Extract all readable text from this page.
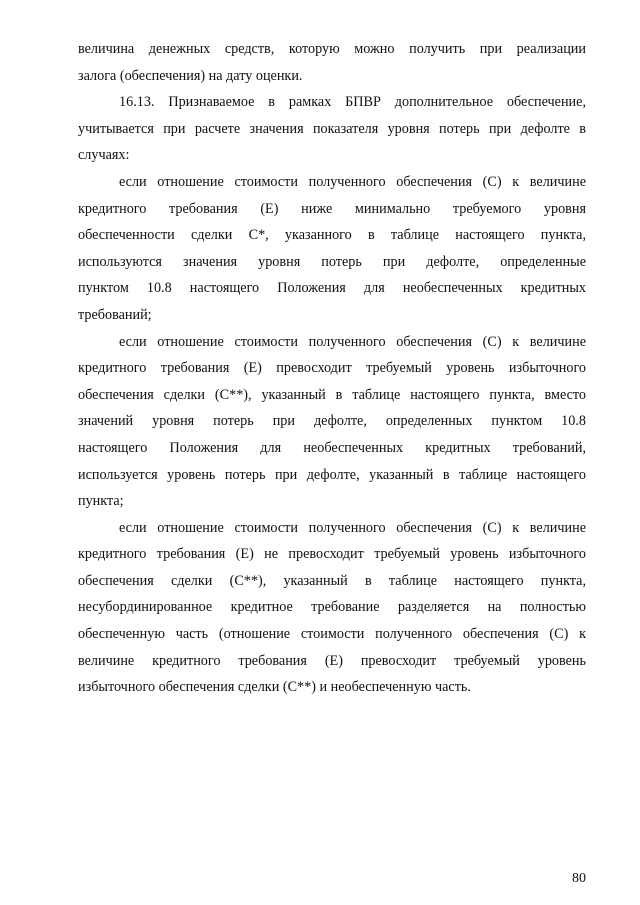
величина денежных средств, которую можно получить при реализации
залога (обеспечения) на дату оценки.
16.13. Признаваемое в рамках БПВР дополнительное обеспечение,
учитывается при расчете значения показателя уровня потерь при дефолте в
случаях:
если отношение стоимости полученного обеспечения (С) к величине
кредитного требования (Е) ниже минимально требуемого уровня
обеспеченности сделки С*, указанного в таблице настоящего пункта,
используются значения уровня потерь при дефолте, определенные
пунктом 10.8 настоящего Положения для необеспеченных кредитных
требований;
если отношение стоимости полученного обеспечения (С) к величине
кредитного требования (Е) превосходит требуемый уровень избыточного
обеспечения сделки (С**), указанный в таблице настоящего пункта, вместо
значений уровня потерь при дефолте, определенных пунктом 10.8
настоящего Положения для необеспеченных кредитных требований,
используется уровень потерь при дефолте, указанный в таблице настоящего
пункта;
если отношение стоимости полученного обеспечения (С) к величине
кредитного требования (Е) не превосходит требуемый уровень избыточного
обеспечения сделки (С**), указанный в таблице настоящего пункта,
несубординированное кредитное требование разделяется на полностью
обеспеченную часть (отношение стоимости полученного обеспечения (С) к
величине кредитного требования (Е) превосходит требуемый уровень
избыточного обеспечения сделки (С**) и необеспеченную часть.
80
